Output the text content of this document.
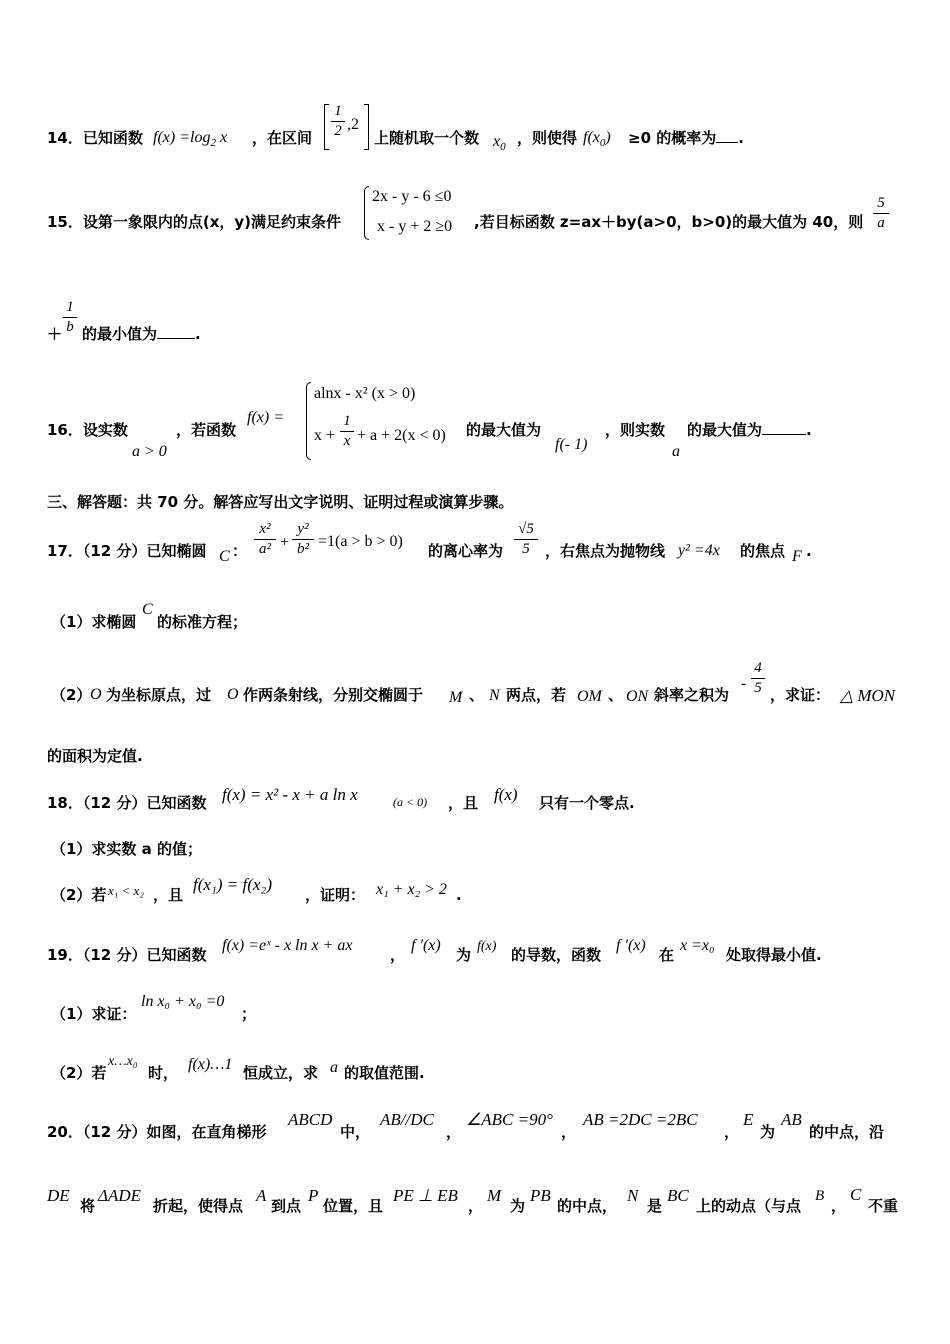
14．已知函数 $f(x) =\log_2$ x ，在区间 $\frac{1}{2} ,2$
上随机取一个数 $x_0$
，则使得 $f(x_0) \ge 0$ 的概率为 .
15．设第一象限内的点(x，y)满足约束条件
2x - y - 6 ≤0
x - y + 2 ≥0 ,若目标函数 z=ax＋by(a>0，b>0)的最大值为 40，则 $\frac{5}{a}$
＋ $\frac{1}{b}$ 的最小值为	.
16．设实数
a > 0
，若函数
f(x) =
alnx - x² (x > 0)
$x + \frac{1}{x} + a + 2(x < 0)$ 的最大值为
f(- 1)
，则实数
a
的最大值为	.
三、解答题：共 70 分。解答应写出文字说明、证明过程或演算步骤。
17．（12 分）已知椭圆 C ： $\frac{\text{x²}}{\text{a²}} + \frac{\text{y²}}{\text{b²}} =1(a > b > 0)$
的离心率为 $\frac{√5}{5}$ ，右焦点为抛物线 y² =4x 的焦点 F .
（1）求椭圆
C
的标准方程；
（2）
O 为坐标原点，过 O 作两条射线，分别交椭圆于 M 、 N 两点，若 OM 、 ON 斜率之积为
- $\frac{4}{5}$ ，求证： △ MON
的面积为定值.
18．（12 分）已知函数 f(x) = x² - x + a ln x	(a < 0) ，且 f(x) 只有一个零点.
（1）求实数 a 的值；
（2）若 x₁ < x₂ ，且
f(x₁) = f(x₂)
，证明： x₁ + x₂ > 2 .
19．（12 分）已知函数
f(x) =eˣ - x ln x + ax
，
f ′(x)
为 f(x) 的导数，函数
f ′(x)
在
x =x₀
处取得最小值.
（1）求证：
ln x₀ + x₀ =0
；
（2）若
x…x₀
时， f(x)…1 恒成立，求 a 的取值范围.
20．（12 分）如图，在直角梯形
ABCD
中，
AB//DC
，
∠ABC =90°
，
AB =2DC =2BC
，
E
为
AB
的中点，沿
DE
将
ΔADE
折起，使得点
A
到点
P
位置，且
PE ⊥ EB
，
M
为
PB
的中点，
N
是
BC
上的动点（与点
B
，
C
不重
